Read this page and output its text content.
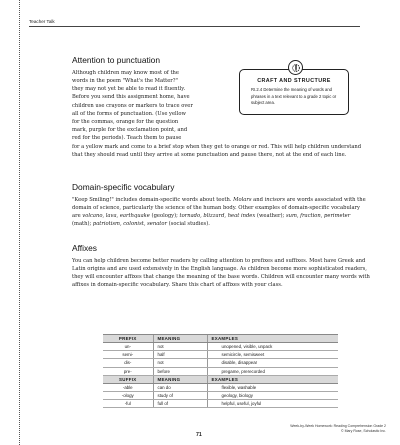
Teacher Talk
Attention to punctuation

Although children may know most of the

words in the poem "What's the Matter?"

they may not yet be able to read it fluently.

Before you send this assignment home, have

children use crayons or markers to trace over

all of the forms of punctuation. (Use yellow

for the commas, orange for the question

mark, purple for the exclamation point, and

red for the periods). Teach them to pause

for a yellow mark and come to a brief stop when they get to orange or red. This will help children understand that they should read until they arrive at some punctuation and pause there, not at the end of each line.

CRAFT AND STRUCTURE
RI.2.4 Determine the meaning of words and phrases in a text relevant to a grade 2 topic or subject area.
Domain-specific vocabulary

"Keep Smiling!" includes domain-specific words about teeth. Molars and incisors are words associated with the domain of science, particularly the science of the human body. Other examples of domain-specific vocabulary are volcano, lava, earthquake (geology); tornado, blizzard, heat index (weather); sum, fraction, perimeter (math); patriotism, colonist, senator (social studies).

Affixes

You can help children become better readers by calling attention to prefixes and suffixes. Most have Greek and Latin origins and are used extensively in the English language. As children become more sophisticated readers, they will encounter affixes that change the meaning of the base words. Children will encounter many words with affixes in domain-specific vocabulary. Share this chart of affixes with your class.

PREFIX	MEANING	EXAMPLES
un-	not	unopened, visible, unpack
semi-	half	semicircle, semisweet
dis-	not	disable, disappear
pre-	before	pregame, prerecorded
SUFFIX	MEANING	EXAMPLES
-able	can do	flexible, washable
-ology	study of	geology, biology
-ful	full of	helpful, useful, joyful
71
Week-by-Week Homework: Reading Comprehension Grade 2
© Mary Rose, Scholastic Inc.
